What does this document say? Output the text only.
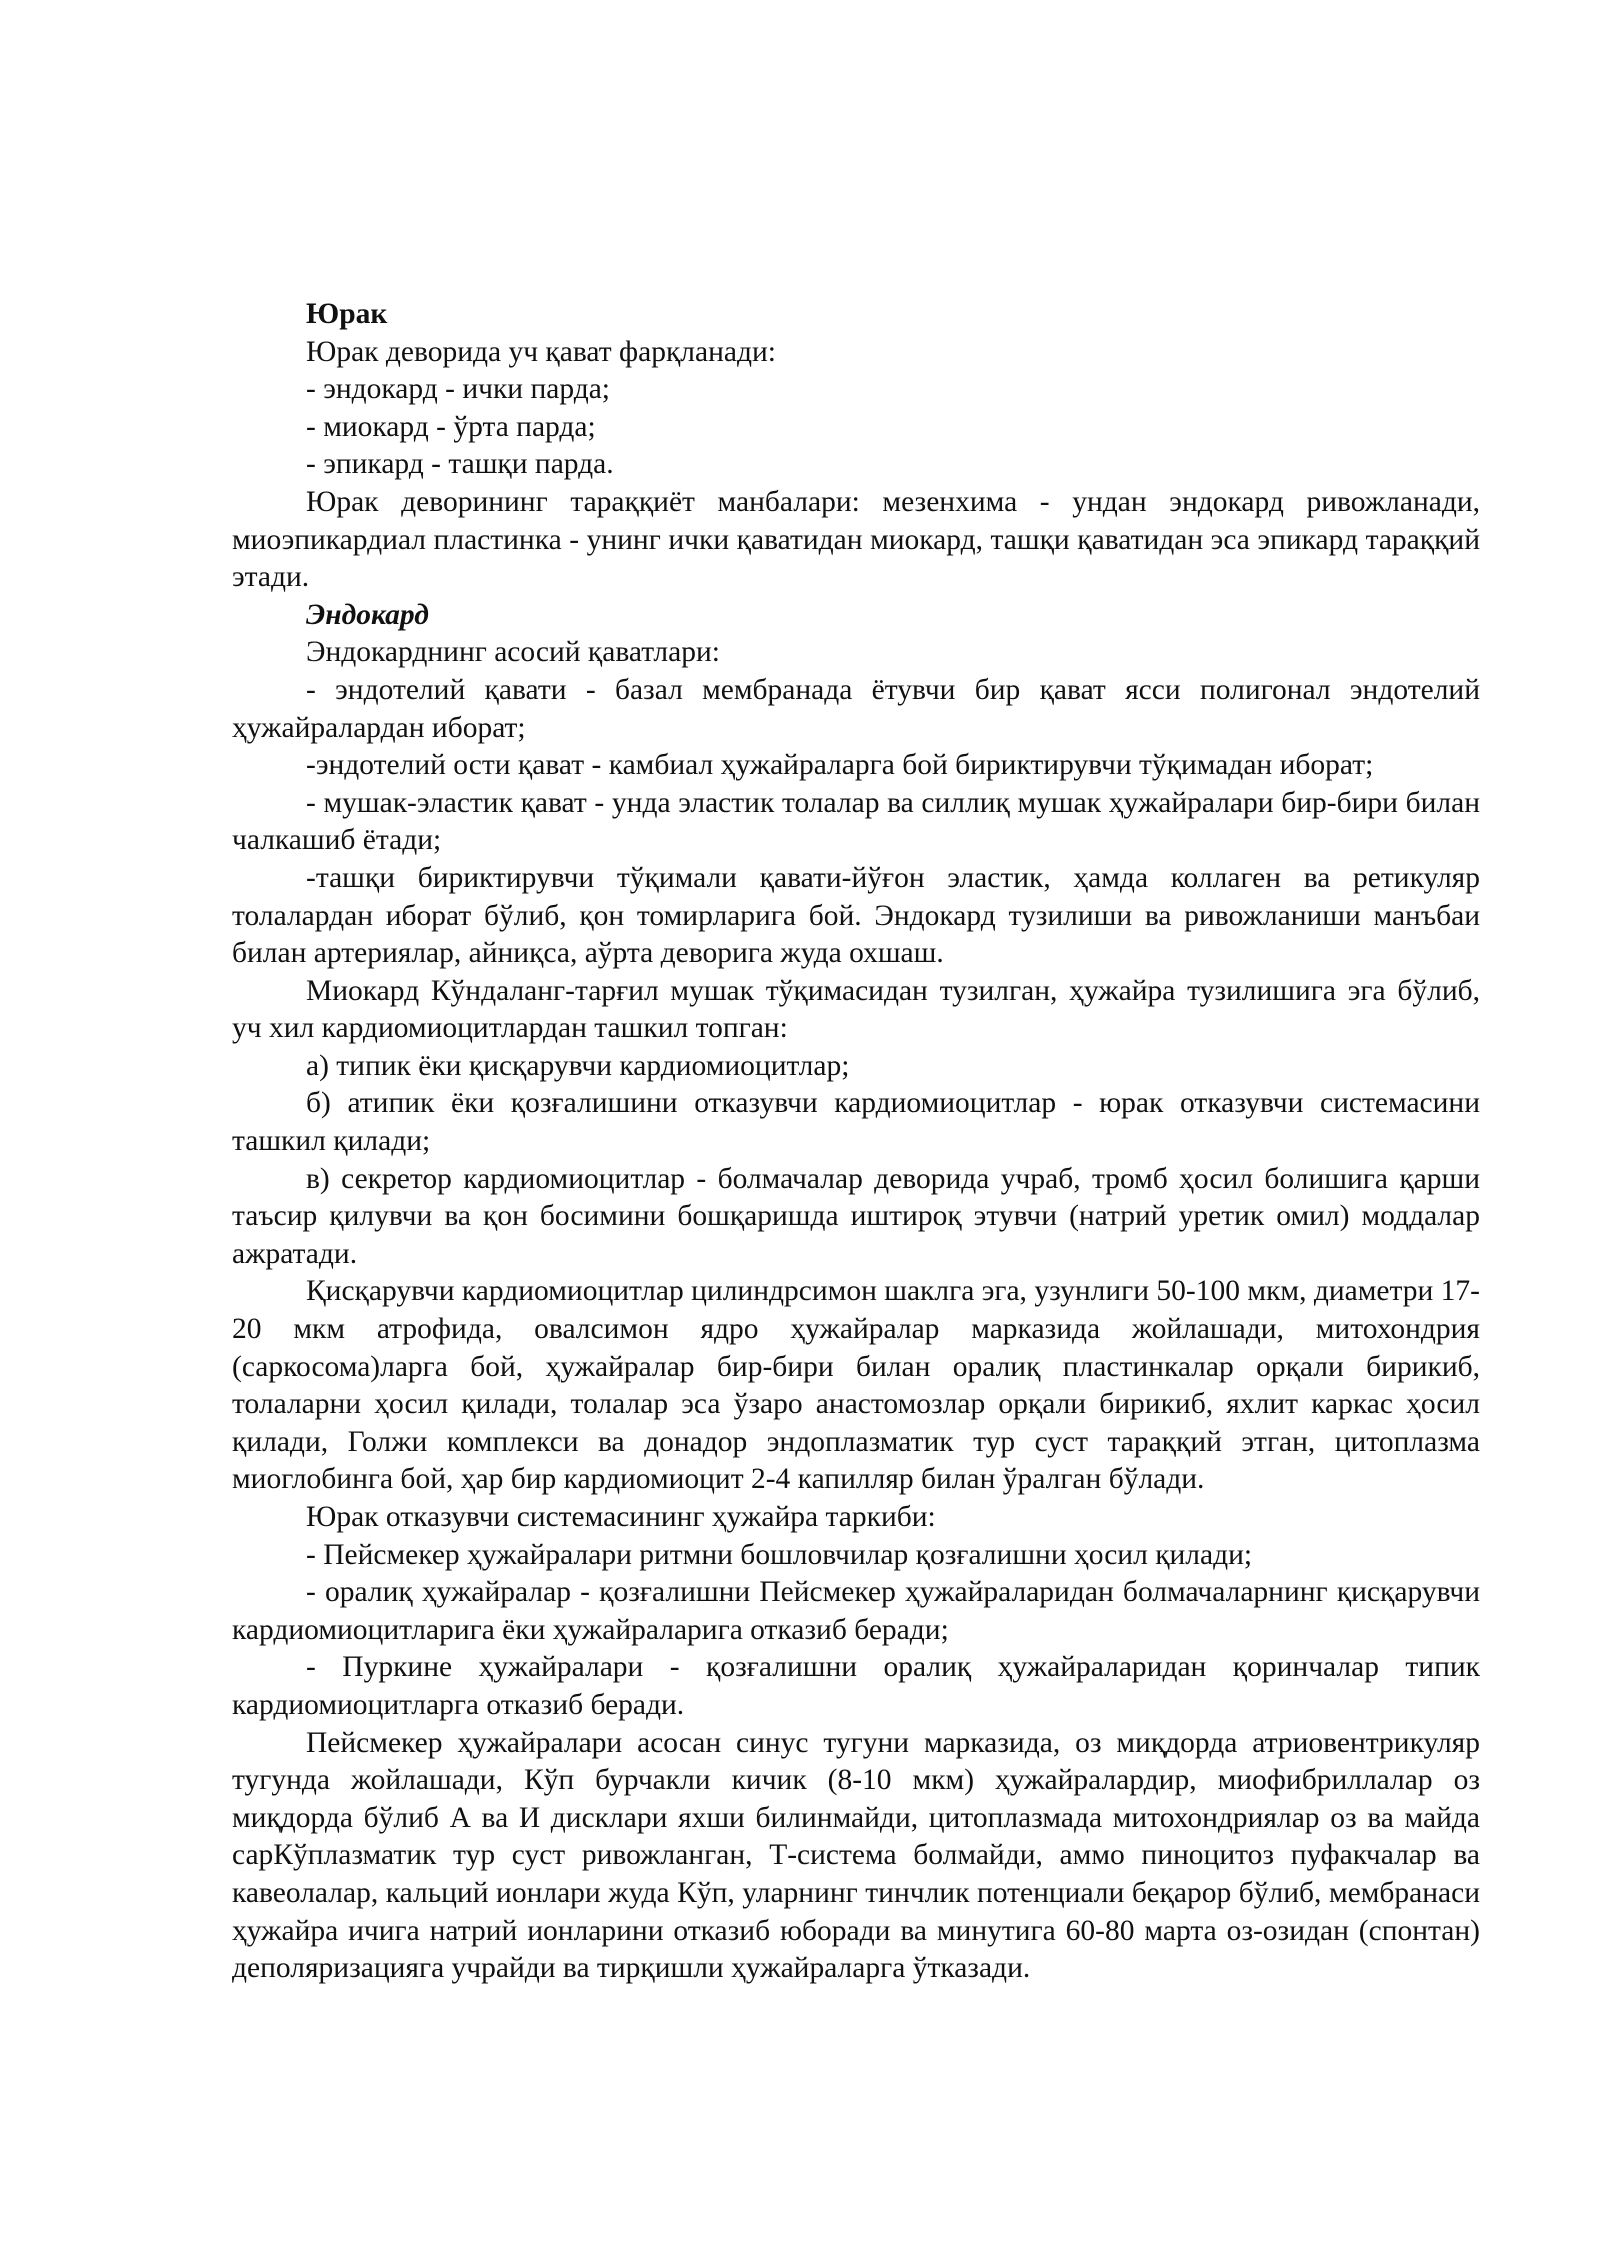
Юрак

Юрак деворида уч қават фарқланади:

- эндокард - ички парда;

- миокард - ўрта парда;

- эпикард - ташқи парда.

Юрак деворининг тараққиёт манбалари: мезенхима - ундан эндокард ривожланади, миоэпикардиал пластинка - унинг ички қаватидан миокард, ташқи қаватидан эса эпикард тараққий этади.

Эндокард

Эндокарднинг асосий қаватлари:

- эндотелий қавати - базал мембранада ётувчи бир қават ясси полигонал эндотелий ҳужайралардан иборат;

-эндотелий ости қават - камбиал ҳужайраларга бой бириктирувчи тўқимадан иборат;

- мушак-эластик қават - унда эластик толалар ва силлиқ мушак ҳужайралари бир-бири билан чалкашиб ётади;

-ташқи бириктирувчи тўқимали қавати-йўғон эластик, ҳамда коллаген ва ретикуляр толалардан иборат бўлиб, қон томирларига бой. Эндокард тузилиши ва ривожланиши манъбаи билан артериялар, айниқса, аўрта деворига жуда охшаш.

Миокард Кўндаланг-тарғил мушак тўқимасидан тузилган, ҳужайра тузилишига эга бўлиб, уч хил кардиомиоцитлардан ташкил топган:

а) типик ёки қисқарувчи кардиомиоцитлар;

б) атипик ёки қозғалишини отказувчи кардиомиоцитлар - юрак отказувчи системасини ташкил қилади;

в) секретор кардиомиоцитлар - болмачалар деворида учраб, тромб ҳосил болишига қарши таъсир қилувчи ва қон босимини бошқаришда иштироқ этувчи (натрий уретик омил) моддалар ажратади.

Қисқарувчи кардиомиоцитлар цилиндрсимон шаклга эга, узунлиги 50-100 мкм, диаметри 17-20 мкм атрофида, овалсимон ядро ҳужайралар марказида жойлашади, митохондрия (саркосома)ларга бой, ҳужайралар бир-бири билан оралиқ пластинкалар орқали бирикиб, толаларни ҳосил қилади, толалар эса ўзаро анастомозлар орқали бирикиб, яхлит каркас ҳосил қилади, Голжи комплекси ва донадор эндоплазматик тур суст тараққий этган, цитоплазма миоглобинга бой, ҳар бир кардиомиоцит 2-4 капилляр билан ўралган бўлади.

Юрак отказувчи системасининг ҳужайра таркиби:

- Пейсмекер ҳужайралари ритмни бошловчилар қозғалишни ҳосил қилади;

- оралиқ ҳужайралар - қозғалишни Пейсмекер ҳужайраларидан болмачаларнинг қисқарувчи кардиомиоцитларига ёки ҳужайраларига отказиб беради;

- Пуркине ҳужайралари - қозғалишни оралиқ ҳужайраларидан қоринчалар типик кардиомиоцитларга отказиб беради.

Пейсмекер ҳужайралари асосан синус тугуни марказида, оз миқдорда атриовентрикуляр тугунда жойлашади, Кўп бурчакли кичик (8-10 мкм) ҳужайралардир, миофибриллалар оз миқдорда бўлиб А ва И дисклари яхши билинмайди, цитоплазмада митохондриялар оз ва майда сарКўплазматик тур суст ривожланган, Т-система болмайди, аммо пиноцитоз пуфакчалар ва кавеолалар, кальций ионлари жуда Кўп, уларнинг тинчлик потенциали беқарор бўлиб, мембранаси ҳужайра ичига натрий ионларини отказиб юборади ва минутига 60-80 марта оз-озидан (спонтан) деполяризацияга учрайди ва тирқишли ҳужайраларга ўтказади.
